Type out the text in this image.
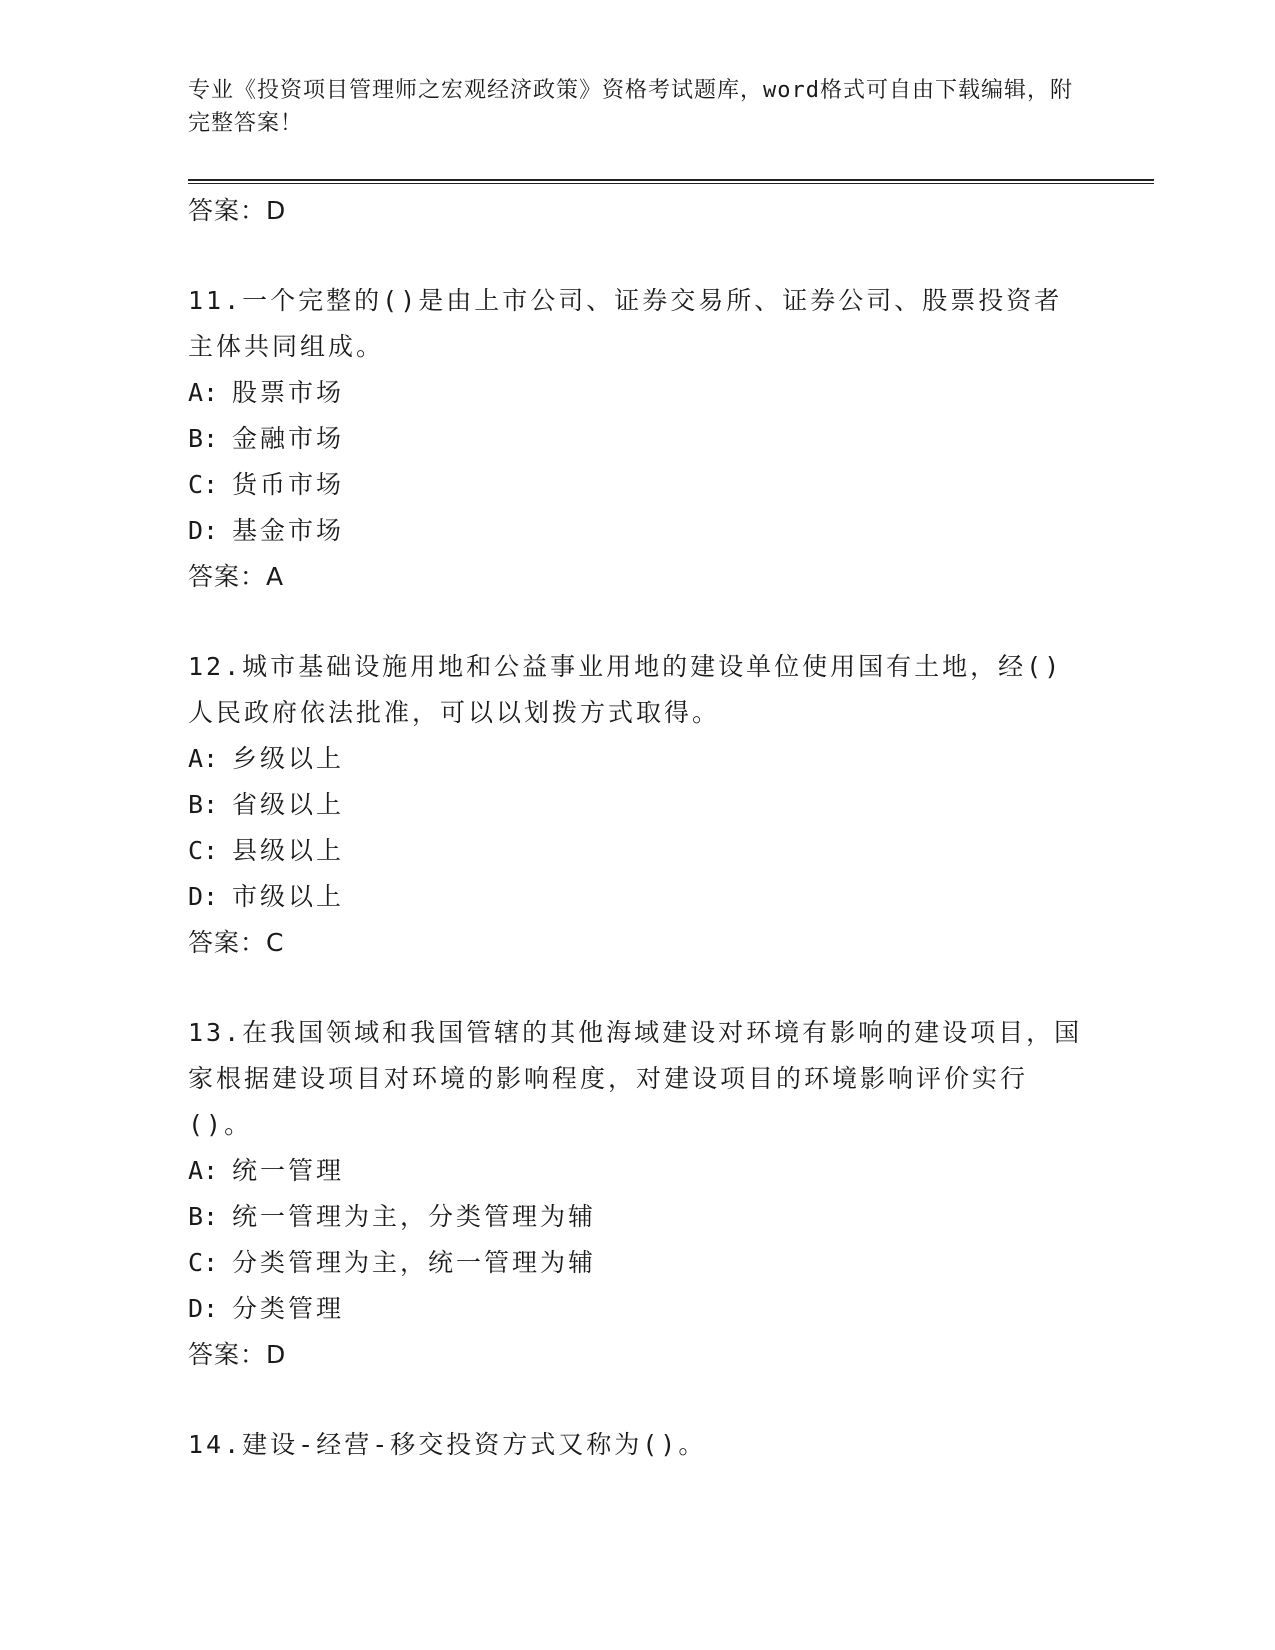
专业《投资项目管理师之宏观经济政策》资格考试题库，word格式可自由下载编辑，附完整答案！

答案：D

11.一个完整的()是由上市公司、证券交易所、证券公司、股票投资者主体共同组成。

A: 股票市场

B: 金融市场

C: 货币市场

D: 基金市场

答案：A

12.城市基础设施用地和公益事业用地的建设单位使用国有土地，经()人民政府依法批准，可以以划拨方式取得。

A: 乡级以上

B: 省级以上

C: 县级以上

D: 市级以上

答案：C

13.在我国领域和我国管辖的其他海域建设对环境有影响的建设项目，国家根据建设项目对环境的影响程度，对建设项目的环境影响评价实行()。

A: 统一管理

B: 统一管理为主，分类管理为辅

C: 分类管理为主，统一管理为辅

D: 分类管理

答案：D

14.建设-经营-移交投资方式又称为()。
